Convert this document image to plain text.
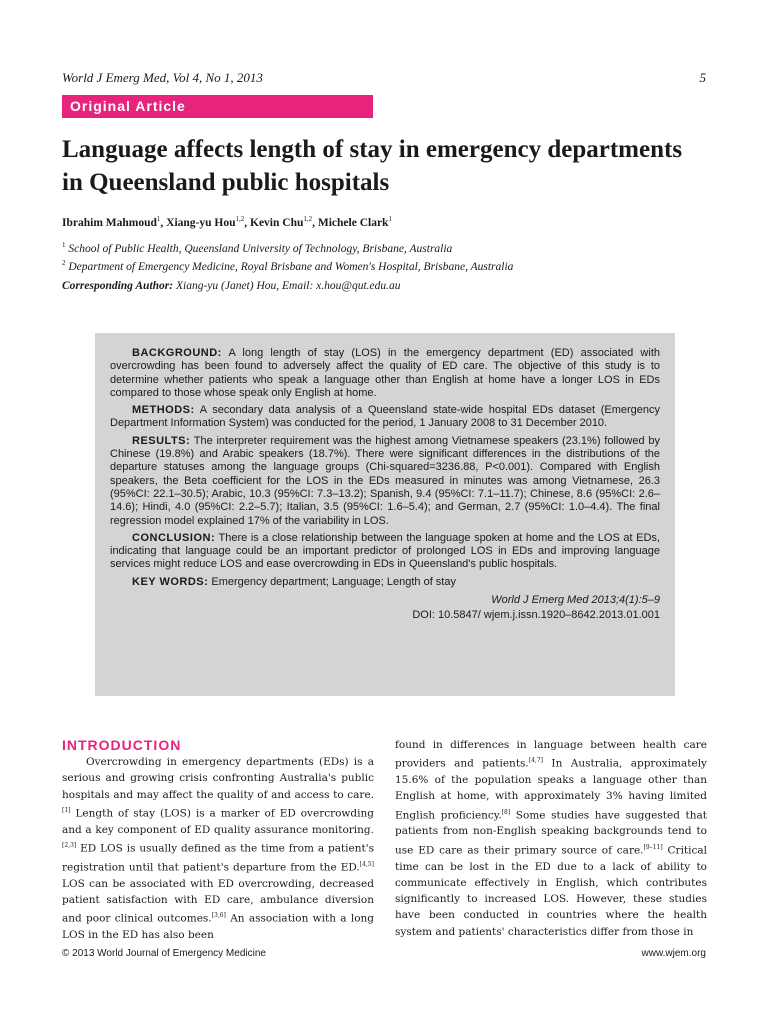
World J Emerg Med, Vol 4, No 1, 2013	5
Original Article
Language affects length of stay in emergency departments in Queensland public hospitals
Ibrahim Mahmoud$^1$, Xiang-yu Hou$^{1,2}$, Kevin Chu$^{1,2}$, Michele Clark$^1$
$^1$ School of Public Health, Queensland University of Technology, Brisbane, Australia
$^2$ Department of Emergency Medicine, Royal Brisbane and Women's Hospital, Brisbane, Australia
Corresponding Author: Xiang-yu (Janet) Hou, Email: x.hou@qut.edu.au

BACKGROUND: A long length of stay (LOS) in the emergency department (ED) associated with overcrowding has been found to adversely affect the quality of ED care. The objective of this study is to determine whether patients who speak a language other than English at home have a longer LOS in EDs compared to those whose speak only English at home.

METHODS: A secondary data analysis of a Queensland state-wide hospital EDs dataset (Emergency Department Information System) was conducted for the period, 1 January 2008 to 31 December 2010.

RESULTS: The interpreter requirement was the highest among Vietnamese speakers (23.1%) followed by Chinese (19.8%) and Arabic speakers (18.7%). There were significant differences in the distributions of the departure statuses among the language groups (Chi-squared=3236.88, P<0.001). Compared with English speakers, the Beta coefficient for the LOS in the EDs measured in minutes was among Vietnamese, 26.3 (95%CI: 22.1–30.5); Arabic, 10.3 (95%CI: 7.3–13.2); Spanish, 9.4 (95%CI: 7.1–11.7); Chinese, 8.6 (95%CI: 2.6–14.6); Hindi, 4.0 (95%CI: 2.2–5.7); Italian, 3.5 (95%CI: 1.6–5.4); and German, 2.7 (95%CI: 1.0–4.4). The final regression model explained 17% of the variability in LOS.

CONCLUSION: There is a close relationship between the language spoken at home and the LOS at EDs, indicating that language could be an important predictor of prolonged LOS in EDs and improving language services might reduce LOS and ease overcrowding in EDs in Queensland's public hospitals.

KEY WORDS: Emergency department; Language; Length of stay

World J Emerg Med 2013;4(1):5–9
DOI: 10.5847/ wjem.j.issn.1920–8642.2013.01.001
INTRODUCTION

Overcrowding in emergency departments (EDs) is a serious and growing crisis confronting Australia's public hospitals and may affect the quality of and access to care.[1] Length of stay (LOS) is a marker of ED overcrowding and a key component of ED quality assurance monitoring.[2,3] ED LOS is usually defined as the time from a patient's registration until that patient's departure from the ED.[4,5] LOS can be associated with ED overcrowding, decreased patient satisfaction with ED care, ambulance diversion and poor clinical outcomes.[3,6] An association with a long LOS in the ED has also been

found in differences in language between health care providers and patients.[4,7] In Australia, approximately 15.6% of the population speaks a language other than English at home, with approximately 3% having limited English proficiency.[8] Some studies have suggested that patients from non-English speaking backgrounds tend to use ED care as their primary source of care.[9–11] Critical time can be lost in the ED due to a lack of ability to communicate effectively in English, which contributes significantly to increased LOS. However, these studies have been conducted in countries where the health system and patients' characteristics differ from those in

© 2013 World Journal of Emergency Medicine	www.wjem.org
